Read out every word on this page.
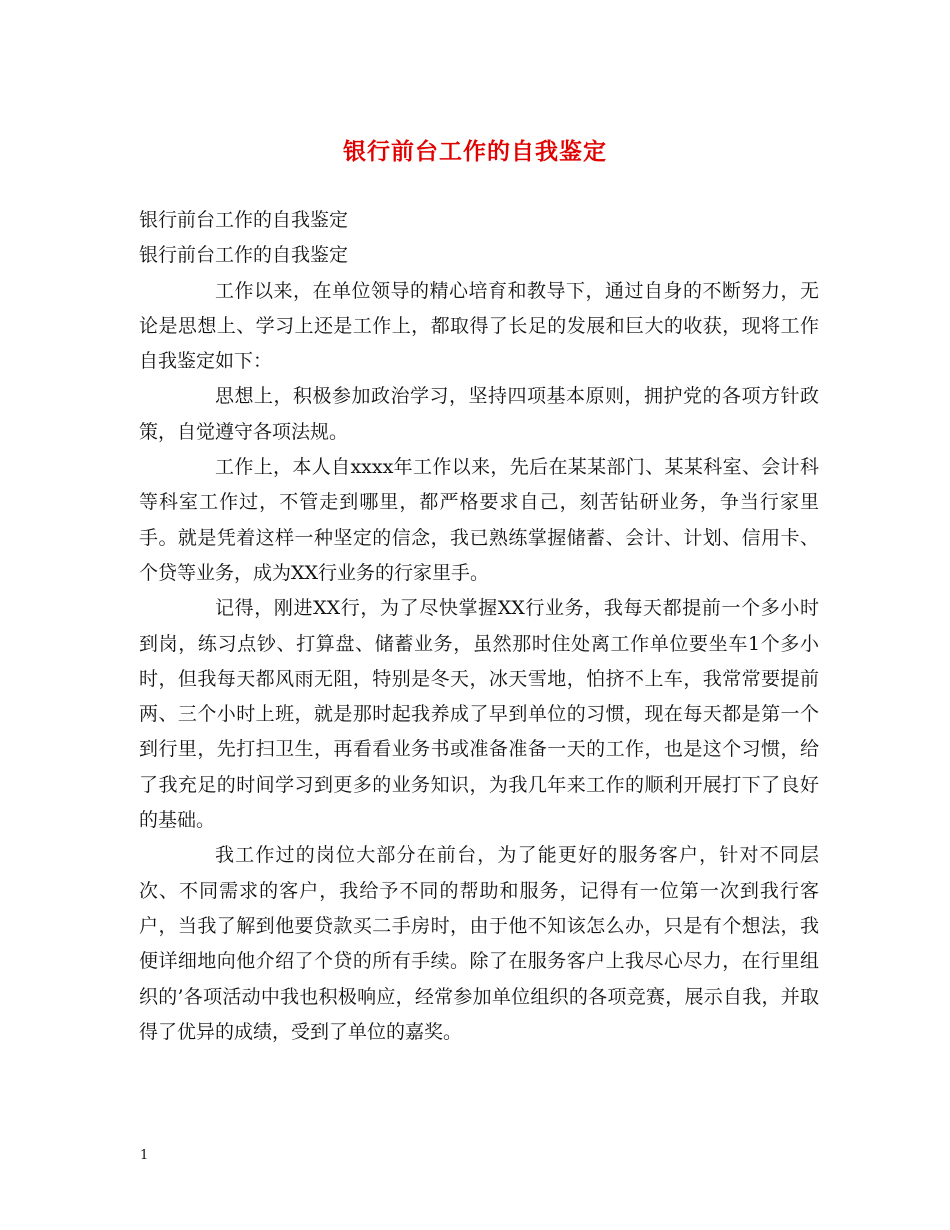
银行前台工作的自我鉴定

银行前台工作的自我鉴定

银行前台工作的自我鉴定

工作以来，在单位领导的精心培育和教导下，通过自身的不断努力，无论是思想上、学习上还是工作上，都取得了长足的发展和巨大的收获，现将工作自我鉴定如下：

思想上，积极参加政治学习，坚持四项基本原则，拥护党的各项方针政策，自觉遵守各项法规。

工作上，本人自xxxx年工作以来，先后在某某部门、某某科室、会计科等科室工作过，不管走到哪里，都严格要求自己，刻苦钻研业务，争当行家里手。就是凭着这样一种坚定的信念，我已熟练掌握储蓄、会计、计划、信用卡、个贷等业务，成为XX行业务的行家里手。

记得，刚进XX行，为了尽快掌握XX行业务，我每天都提前一个多小时到岗，练习点钞、打算盘、储蓄业务，虽然那时住处离工作单位要坐车1个多小时，但我每天都风雨无阻，特别是冬天，冰天雪地，怕挤不上车，我常常要提前两、三个小时上班，就是那时起我养成了早到单位的习惯，现在每天都是第一个到行里，先打扫卫生，再看看业务书或准备准备一天的工作，也是这个习惯，给了我充足的时间学习到更多的业务知识，为我几年来工作的顺利开展打下了良好的基础。

我工作过的岗位大部分在前台，为了能更好的服务客户，针对不同层次、不同需求的客户，我给予不同的帮助和服务，记得有一位第一次到我行客户，当我了解到他要贷款买二手房时，由于他不知该怎么办，只是有个想法，我便详细地向他介绍了个贷的所有手续。除了在服务客户上我尽心尽力，在行里组织的’各项活动中我也积极响应，经常参加单位组织的各项竞赛，展示自我，并取得了优异的成绩，受到了单位的嘉奖。

1
